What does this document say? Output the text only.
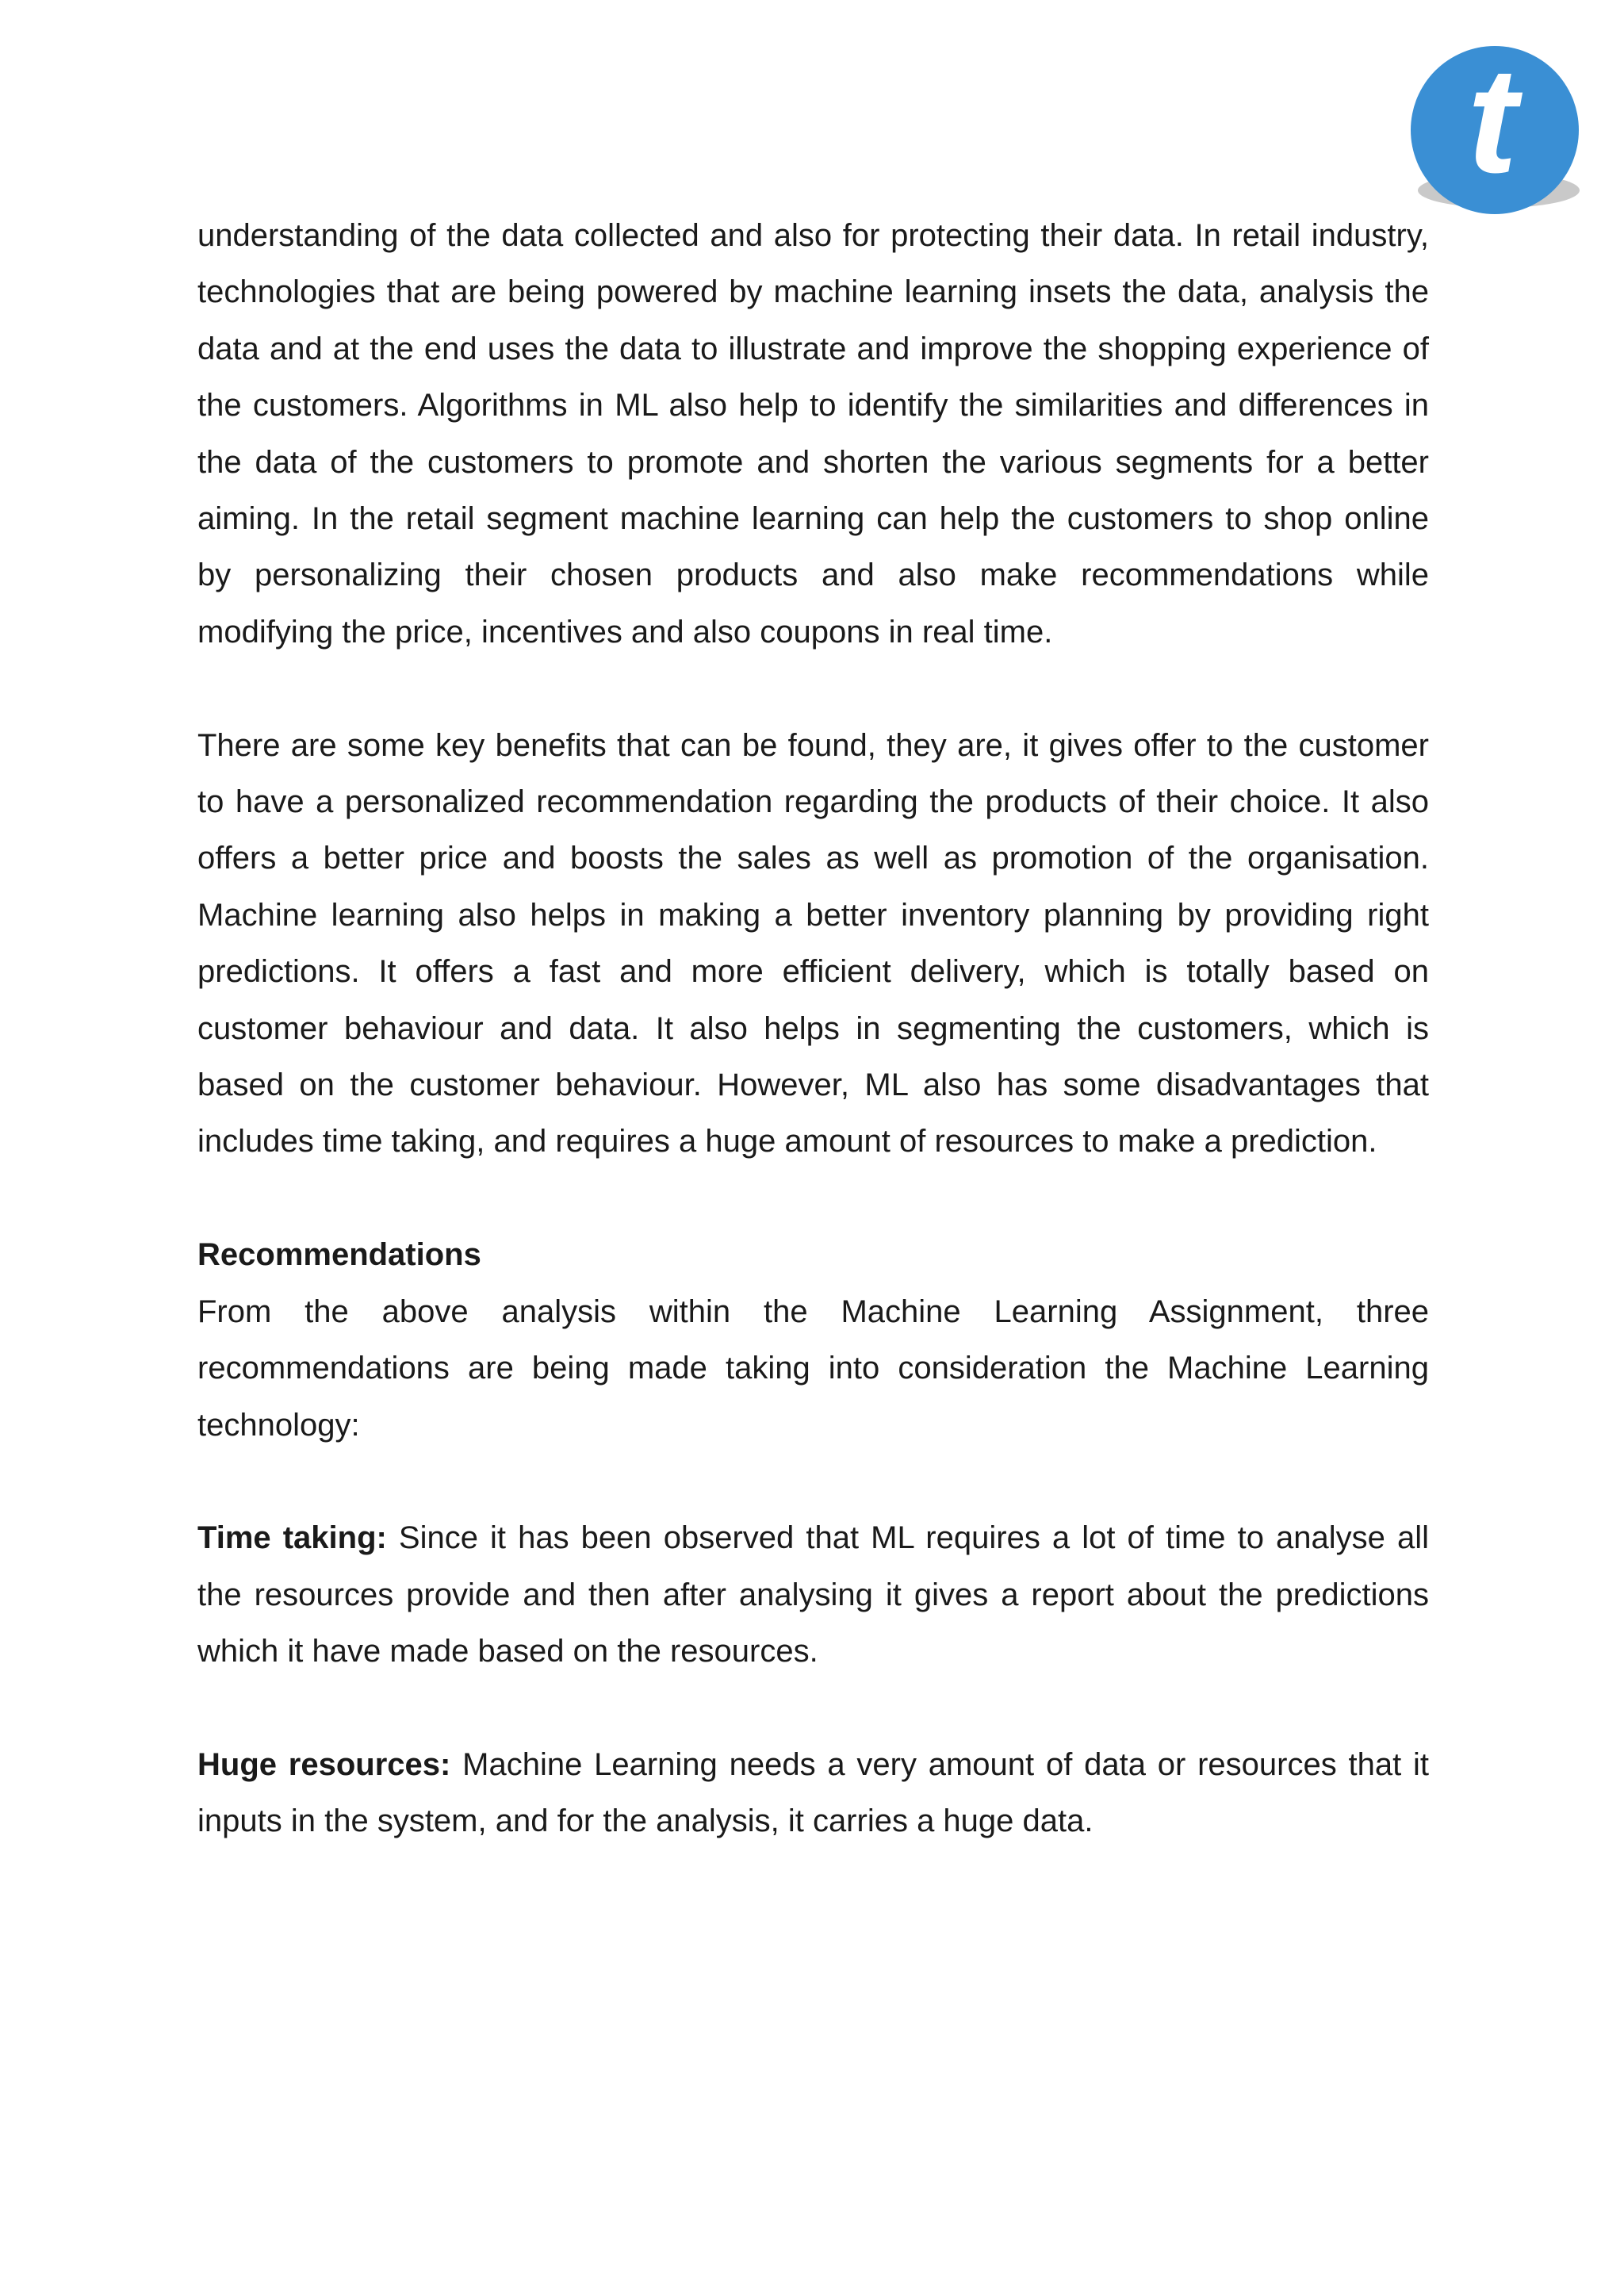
t

understanding of the data collected and also for protecting their data. In retail industry, technologies that are being powered by machine learning insets the data, analysis the data and at the end uses the data to illustrate and improve the shopping experience of the customers. Algorithms in ML also help to identify the similarities and differences in the data of the customers to promote and shorten the various segments for a better aiming. In the retail segment machine learning can help the customers to shop online by personalizing their chosen products and also make recommendations while modifying the price, incentives and also coupons in real time.

There are some key benefits that can be found, they are, it gives offer to the customer to have a personalized recommendation regarding the products of their choice. It also offers a better price and boosts the sales as well as promotion of the organisation. Machine learning also helps in making a better inventory planning by providing right predictions. It offers a fast and more efficient delivery, which is totally based on customer behaviour and data. It also helps in segmenting the customers, which is based on the customer behaviour. However, ML also has some disadvantages that includes time taking, and requires a huge amount of resources to make a prediction.

Recommendations

From the above analysis within the Machine Learning Assignment, three recommendations are being made taking into consideration the Machine Learning technology:

Time taking: Since it has been observed that ML requires a lot of time to analyse all the resources provide and then after analysing it gives a report about the predictions which it have made based on the resources.

Huge resources: Machine Learning needs a very amount of data or resources that it inputs in the system, and for the analysis, it carries a huge data.
